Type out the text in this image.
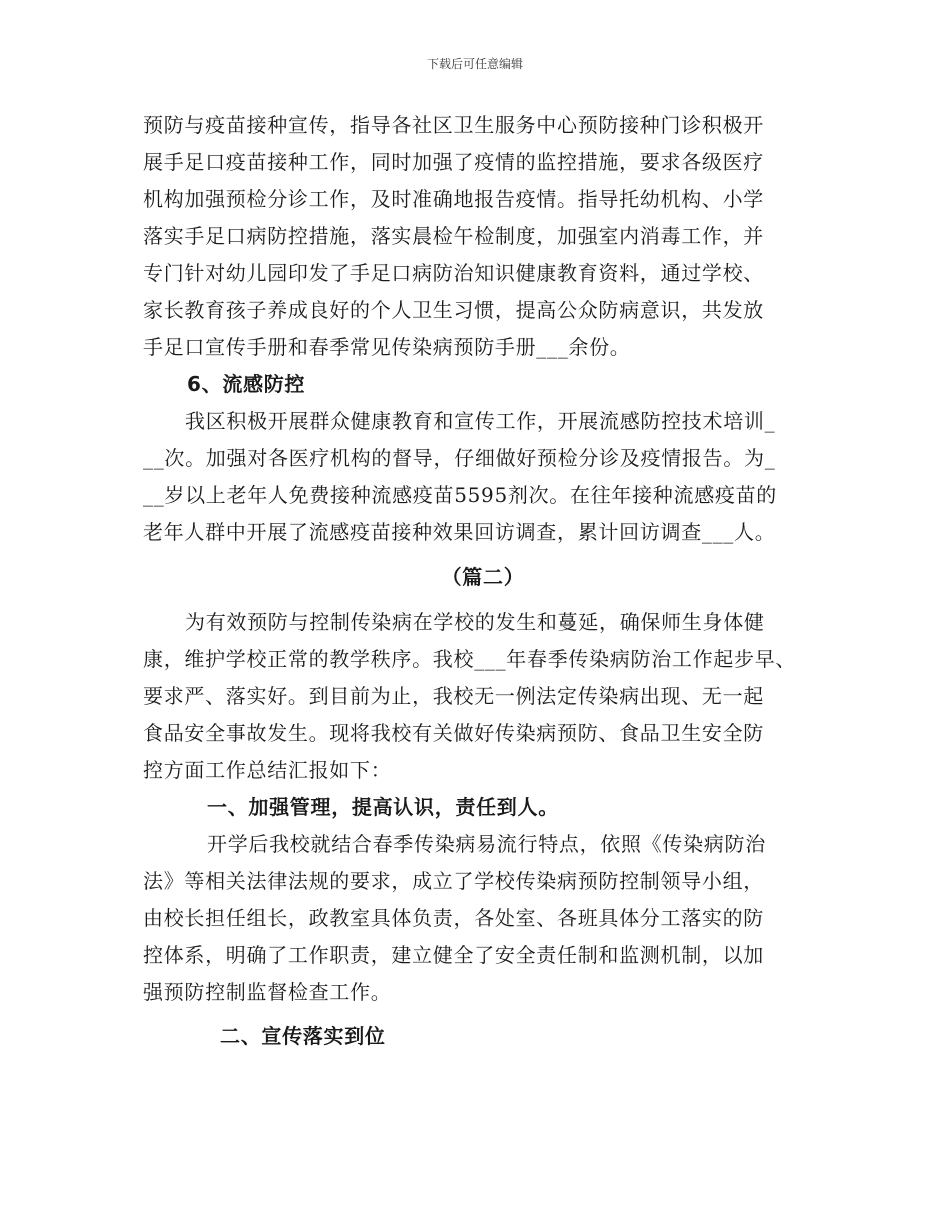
下载后可任意编辑
预防与疫苗接种宣传，指导各社区卫生服务中心预防接种门诊积极开
展手足口疫苗接种工作，同时加强了疫情的监控措施，要求各级医疗
机构加强预检分诊工作，及时准确地报告疫情。指导托幼机构、小学
落实手足口病防控措施，落实晨检午检制度，加强室内消毒工作，并
专门针对幼儿园印发了手足口病防治知识健康教育资料，通过学校、
家长教育孩子养成良好的个人卫生习惯，提高公众防病意识，共发放
手足口宣传手册和春季常见传染病预防手册___余份。
6、流感防控
我区积极开展群众健康教育和宣传工作，开展流感防控技术培训_
__次。加强对各医疗机构的督导，仔细做好预检分诊及疫情报告。为_
__岁以上老年人免费接种流感疫苗5595剂次。在往年接种流感疫苗的
老年人群中开展了流感疫苗接种效果回访调查，累计回访调查___人。
（篇二）
为有效预防与控制传染病在学校的发生和蔓延，确保师生身体健
康，维护学校正常的教学秩序。我校___年春季传染病防治工作起步早、
要求严、落实好。到目前为止，我校无一例法定传染病出现、无一起
食品安全事故发生。现将我校有关做好传染病预防、食品卫生安全防
控方面工作总结汇报如下：
一、加强管理，提高认识，责任到人。
开学后我校就结合春季传染病易流行特点，依照《传染病防治
法》等相关法律法规的要求，成立了学校传染病预防控制领导小组，
由校长担任组长，政教室具体负责，各处室、各班具体分工落实的防
控体系，明确了工作职责，建立健全了安全责任制和监测机制，以加
强预防控制监督检查工作。
二、宣传落实到位
